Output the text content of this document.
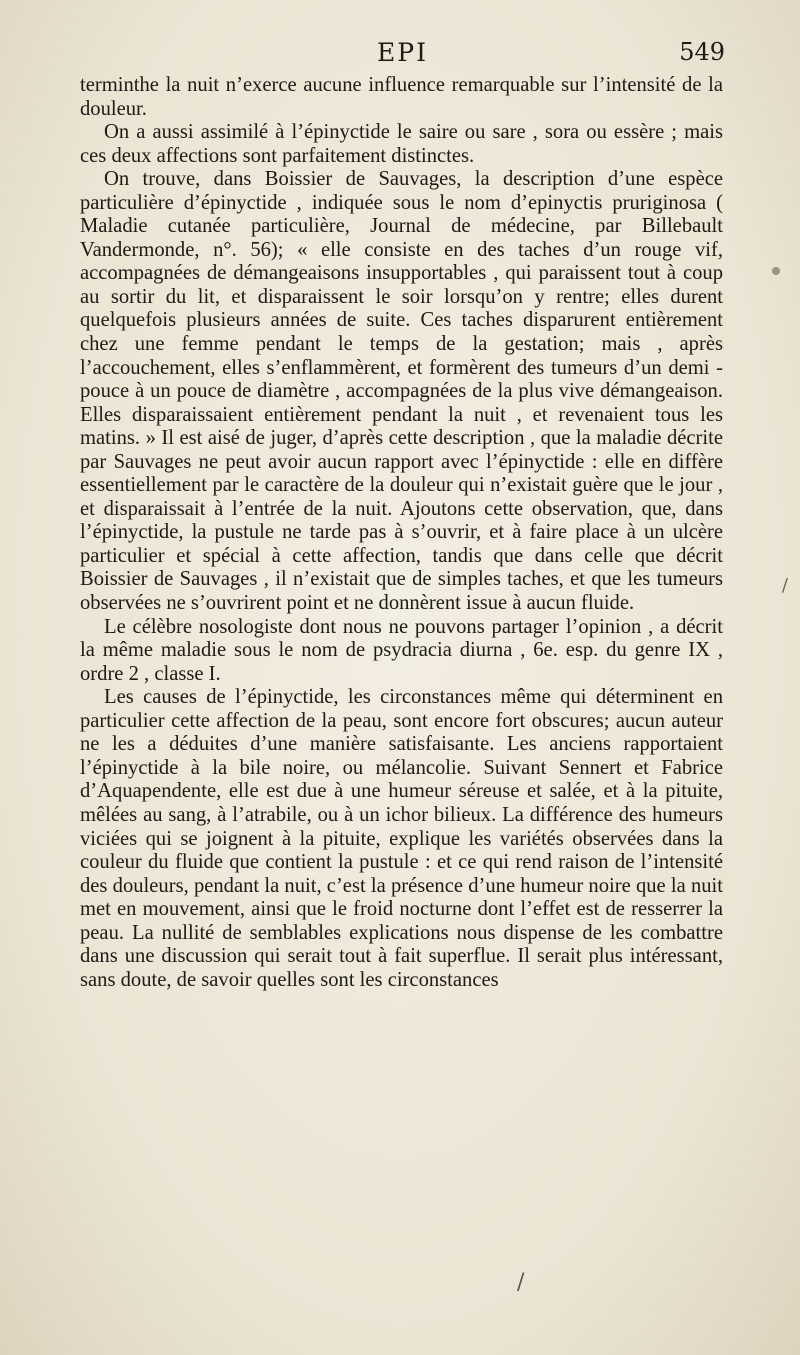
EPI	549

terminthe la nuit n’exerce aucune influence remarquable sur l’intensité de la douleur.

On a aussi assimilé à l’épinyctide le saire ou sare , sora ou essère ; mais ces deux affections sont parfaitement distinctes.

On trouve, dans Boissier de Sauvages, la description d’une espèce particulière d’épinyctide , indiquée sous le nom d’epinyctis pruriginosa ( Maladie cutanée particulière, Journal de médecine, par Billebault Vandermonde, n°. 56); « elle consiste en des taches d’un rouge vif, accompagnées de démangeaisons insupportables , qui paraissent tout à coup au sortir du lit, et disparaissent le soir lorsqu’on y rentre; elles durent quelquefois plusieurs années de suite. Ces taches disparurent entièrement chez une femme pendant le temps de la gestation; mais , après l’accouchement, elles s’enflammèrent, et formèrent des tumeurs d’un demi - pouce à un pouce de diamètre , accompagnées de la plus vive démangeaison. Elles disparaissaient entièrement pendant la nuit , et revenaient tous les matins. » Il est aisé de juger, d’après cette description , que la maladie décrite par Sauvages ne peut avoir aucun rapport avec l’épinyctide : elle en diffère essentiellement par le caractère de la douleur qui n’existait guère que le jour , et disparaissait à l’entrée de la nuit. Ajoutons cette observation, que, dans l’épinyctide, la pustule ne tarde pas à s’ouvrir, et à faire place à un ulcère particulier et spécial à cette affection, tandis que dans celle que décrit Boissier de Sauvages , il n’existait que de simples taches, et que les tumeurs observées ne s’ouvrirent point et ne donnèrent issue à aucun fluide.

Le célèbre nosologiste dont nous ne pouvons partager l’opinion , a décrit la même maladie sous le nom de psydracia diurna , 6e. esp. du genre IX , ordre 2 , classe I.

Les causes de l’épinyctide, les circonstances même qui déterminent en particulier cette affection de la peau, sont encore fort obscures; aucun auteur ne les a déduites d’une manière satisfaisante. Les anciens rapportaient l’épinyctide à la bile noire, ou mélancolie. Suivant Sennert et Fabrice d’Aquapendente, elle est due à une humeur séreuse et salée, et à la pituite, mêlées au sang, à l’atrabile, ou à un ichor bilieux. La différence des humeurs viciées qui se joignent à la pituite, explique les variétés observées dans la couleur du fluide que contient la pustule : et ce qui rend raison de l’intensité des douleurs, pendant la nuit, c’est la présence d’une humeur noire que la nuit met en mouvement, ainsi que le froid nocturne dont l’effet est de resserrer la peau. La nullité de semblables explications nous dispense de les combattre dans une discussion qui serait tout à fait superflue. Il serait plus intéressant, sans doute, de savoir quelles sont les circonstances

/
/
